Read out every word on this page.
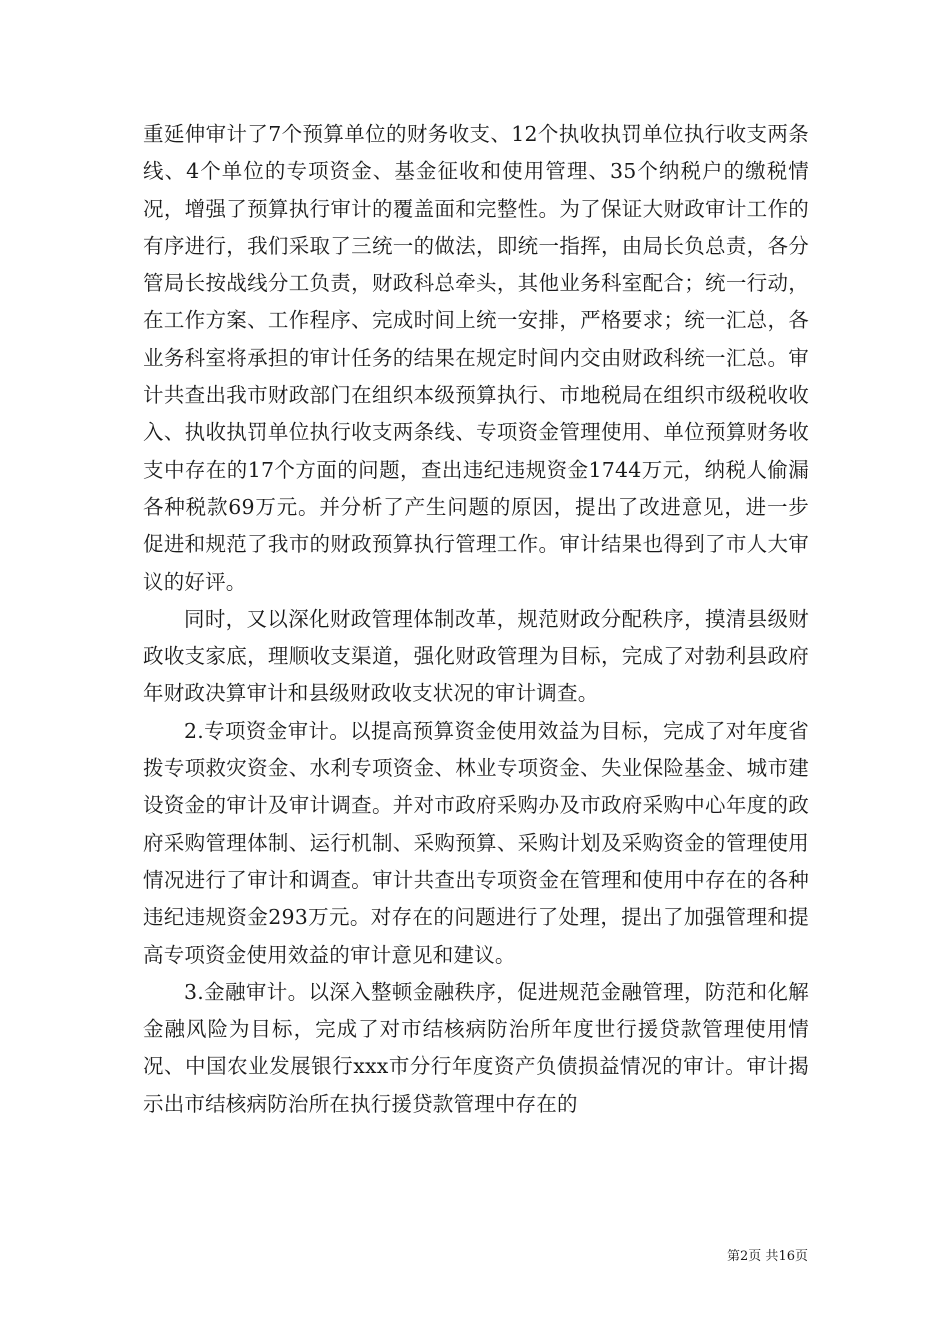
重延伸审计了7个预算单位的财务收支、12个执收执罚单位执行收支两条线、4个单位的专项资金、基金征收和使用管理、35个纳税户的缴税情况，增强了预算执行审计的覆盖面和完整性。为了保证大财政审计工作的有序进行，我们采取了三统一的做法，即统一指挥，由局长负总责，各分管局长按战线分工负责，财政科总牵头，其他业务科室配合；统一行动，在工作方案、工作程序、完成时间上统一安排，严格要求；统一汇总，各业务科室将承担的审计任务的结果在规定时间内交由财政科统一汇总。审计共查出我市财政部门在组织本级预算执行、市地税局在组织市级税收收入、执收执罚单位执行收支两条线、专项资金管理使用、单位预算财务收支中存在的17个方面的问题，查出违纪违规资金1744万元，纳税人偷漏各种税款69万元。并分析了产生问题的原因，提出了改进意见，进一步促进和规范了我市的财政预算执行管理工作。审计结果也得到了市人大审议的好评。

同时，又以深化财政管理体制改革，规范财政分配秩序，摸清县级财政收支家底，理顺收支渠道，强化财政管理为目标，完成了对勃利县政府年财政决算审计和县级财政收支状况的审计调查。

2.专项资金审计。以提高预算资金使用效益为目标，完成了对年度省拨专项救灾资金、水利专项资金、林业专项资金、失业保险基金、城市建设资金的审计及审计调查。并对市政府采购办及市政府采购中心年度的政府采购管理体制、运行机制、采购预算、采购计划及采购资金的管理使用情况进行了审计和调查。审计共查出专项资金在管理和使用中存在的各种违纪违规资金293万元。对存在的问题进行了处理，提出了加强管理和提高专项资金使用效益的审计意见和建议。

3.金融审计。以深入整顿金融秩序，促进规范金融管理，防范和化解金融风险为目标，完成了对市结核病防治所年度世行援贷款管理使用情况、中国农业发展银行xxx市分行年度资产负债损益情况的审计。审计揭示出市结核病防治所在执行援贷款管理中存在的

第2页 共16页
